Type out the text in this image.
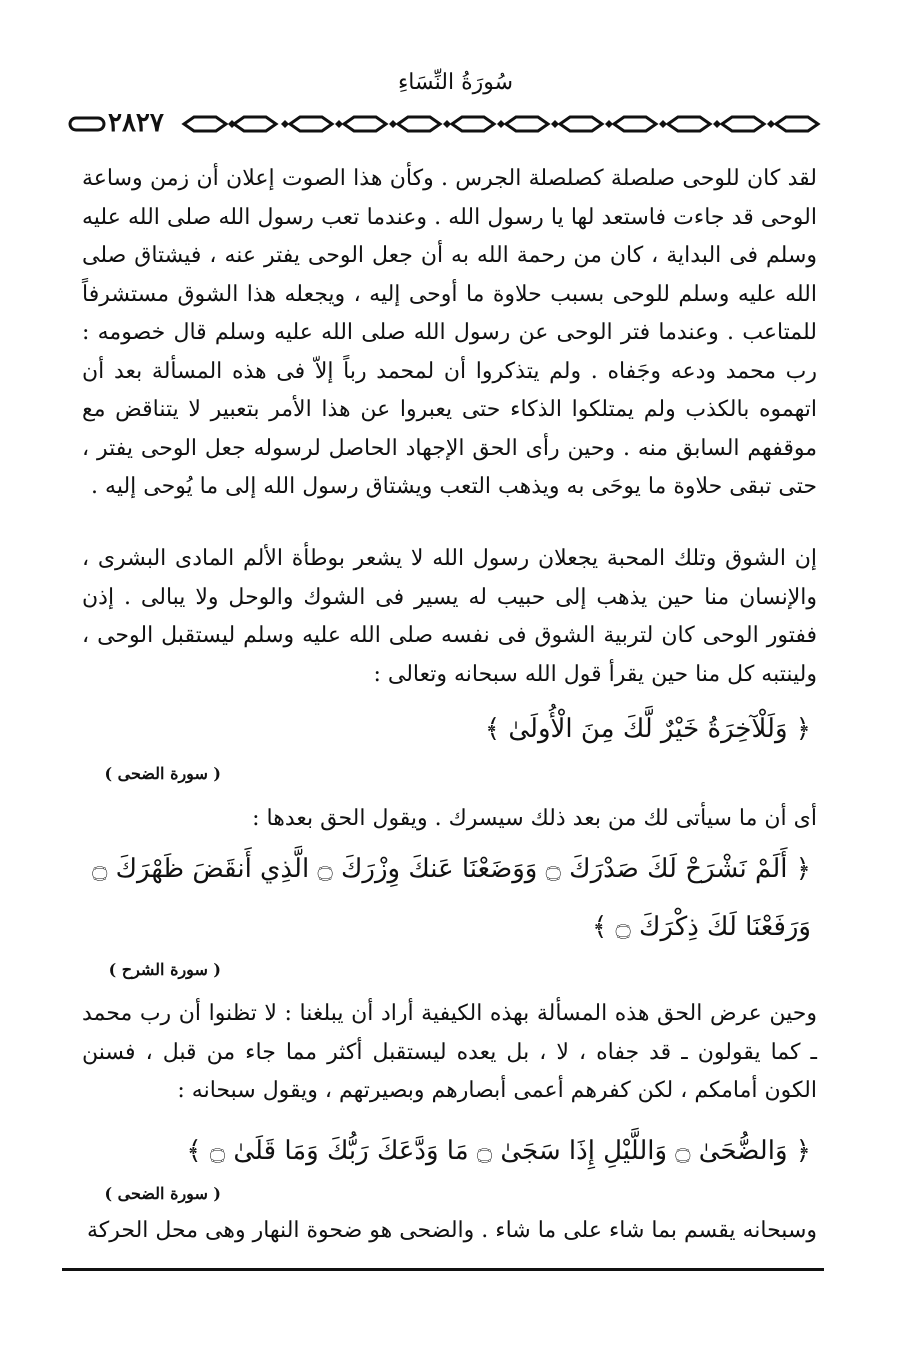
سُورَةُ النِّسَاءِ
٢٨٢٧

لقد كان للوحى صلصلة كصلصلة الجرس . وكأن هذا الصوت إعلان أن زمن وساعة الوحى قد جاءت فاستعد لها يا رسول الله . وعندما تعب رسول الله صلى الله عليه وسلم فى البداية ، كان من رحمة الله به أن جعل الوحى يفتر عنه ، فيشتاق صلى الله عليه وسلم للوحى بسبب حلاوة ما أوحى إليه ، ويجعله هذا الشوق مستشرفاً للمتاعب . وعندما فتر الوحى عن رسول الله صلى الله عليه وسلم قال خصومه : رب محمد ودعه وجَفاه . ولم يتذكروا أن لمحمد رباً إلاّ فى هذه المسألة بعد أن اتهموه بالكذب ولم يمتلكوا الذكاء حتى يعبروا عن هذا الأمر بتعبير لا يتناقض مع موقفهم السابق منه . وحين رأى الحق الإجهاد الحاصل لرسوله جعل الوحى يفتر ، حتى تبقى حلاوة ما يوحَى به ويذهب التعب ويشتاق رسول الله إلى ما يُوحى إليه .

إن الشوق وتلك المحبة يجعلان رسول الله لا يشعر بوطأة الألم المادى البشرى ، والإنسان منا حين يذهب إلى حبيب له يسير فى الشوك والوحل ولا يبالى . إذن ففتور الوحى كان لتربية الشوق فى نفسه صلى الله عليه وسلم ليستقبل الوحى ، ولينتبه كل منا حين يقرأ قول الله سبحانه وتعالى :

﴿ وَلَلْآخِرَةُ خَيْرٌ لَّكَ مِنَ الْأُولَىٰ ﴾

( سورة الضحى )

أى أن ما سيأتى لك من بعد ذلك سيسرك . ويقول الحق بعدها :

﴿ أَلَمْ نَشْرَحْ لَكَ صَدْرَكَ ۝ وَوَضَعْنَا عَنكَ وِزْرَكَ ۝ الَّذِي أَنقَضَ ظَهْرَكَ ۝

وَرَفَعْنَا لَكَ ذِكْرَكَ ۝ ﴾

( سورة الشرح )

وحين عرض الحق هذه المسألة بهذه الكيفية أراد أن يبلغنا : لا تظنوا أن رب محمد ـ كما يقولون ـ قد جفاه ، لا ، بل يعده ليستقبل أكثر مما جاء من قبل ، فسنن الكون أمامكم ، لكن كفرهم أعمى أبصارهم وبصيرتهم ، ويقول سبحانه :

﴿ وَالضُّحَىٰ ۝ وَاللَّيْلِ إِذَا سَجَىٰ ۝ مَا وَدَّعَكَ رَبُّكَ وَمَا قَلَىٰ ۝ ﴾

( سورة الضحى )

وسبحانه يقسم بما شاء على ما شاء . والضحى هو ضحوة النهار وهى محل الحركة
